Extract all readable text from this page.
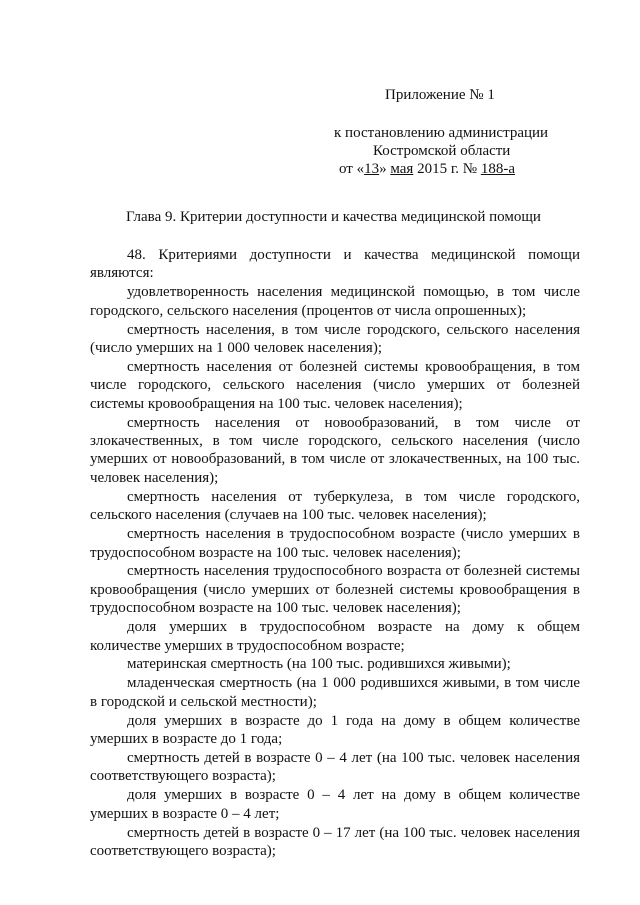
Приложение № 1
к постановлению администрации
Костромской области
от «13» мая 2015 г. № 188-а
Глава 9. Критерии доступности и качества медицинской помощи

48. Критериями доступности и качества медицинской помощи являются:

удовлетворенность населения медицинской помощью, в том числе городского, сельского населения (процентов от числа опрошенных);

смертность населения, в том числе городского, сельского населения (число умерших на 1 000 человек населения);

смертность населения от болезней системы кровообращения, в том числе городского, сельского населения (число умерших от болезней системы кровообращения на 100 тыс. человек населения);

смертность населения от новообразований, в том числе от злокачественных, в том числе городского, сельского населения (число умерших от новообразований, в том числе от злокачественных, на 100 тыс. человек населения);

смертность населения от туберкулеза, в том числе городского, сельского населения (случаев на 100 тыс. человек населения);

смертность населения в трудоспособном возрасте (число умерших в трудоспособном возрасте на 100 тыс. человек населения);

смертность населения трудоспособного возраста от болезней системы кровообращения (число умерших от болезней системы кровообращения в трудоспособном возрасте на 100 тыс. человек населения);

доля умерших в трудоспособном возрасте на дому к общем количестве умерших в трудоспособном возрасте;

материнская смертность (на 100 тыс. родившихся живыми);

младенческая смертность (на 1 000 родившихся живыми, в том числе в городской и сельской местности);

доля умерших в возрасте до 1 года на дому в общем количестве умерших в возрасте до 1 года;

смертность детей в возрасте 0 – 4 лет (на 100 тыс. человек населения соответствующего возраста);

доля умерших в возрасте 0 – 4 лет на дому в общем количестве умерших в возрасте 0 – 4 лет;

смертность детей в возрасте 0 – 17 лет (на 100 тыс. человек населения соответствующего возраста);
